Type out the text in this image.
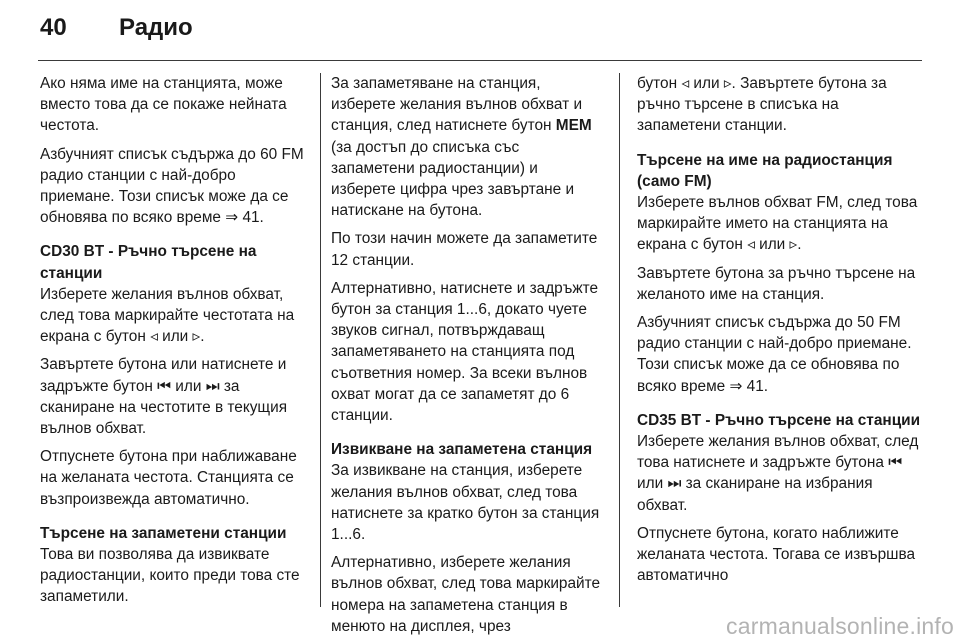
40 Радио

Ако няма име на станцията, може вместо това да се покаже нейната честота.

Азбучният списък съдържа до 60 FM радио станции с най-добро приемане. Този списък може да се обновява по всяко време ⇒ 41.

CD30 BT - Ръчно търсене на станции

Изберете желания вълнов обхват, след това маркирайте честотата на екрана с бутон ◃ или ▹.

Завъртете бутона или натиснете и задръжте бутон ⏮ или ⏭ за сканиране на честотите в текущия вълнов обхват.

Отпуснете бутона при наближаване на желаната честота. Станцията се възпроизвежда автоматично.

Търсене на запаметени станции

Това ви позволява да извиквате радиостанции, които преди това сте запаметили.

За запаметяване на станция, изберете желания вълнов обхват и станция, след натиснете бутон MEM (за достъп до списъка със запаметени радиостанции) и изберете цифра чрез завъртане и натискане на бутона.

По този начин можете да запаметите 12 станции.

Алтернативно, натиснете и задръжте бутон за станция 1...6, докато чуете звуков сигнал, потвърждаващ запаметяването на станцията под съответния номер. За всеки вълнов охват могат да се запаметят до 6 станции.

Извикване на запаметена станция

За извикване на станция, изберете желания вълнов обхват, след това натиснете за кратко бутон за станция 1...6.

Алтернативно, изберете желания вълнов обхват, след това маркирайте номера на запаметена станция в менюто на дисплея, чрез

бутон ◃ или ▹. Завъртете бутона за ръчно търсене в списъка на запаметени станции.

Търсене на име на радиостанция (само FM)

Изберете вълнов обхват FM, след това маркирайте името на станцията на екрана с бутон ◃ или ▹.

Завъртете бутона за ръчно търсене на желаното име на станция.

Азбучният списък съдържа до 50 FM радио станции с най-добро приемане. Този списък може да се обновява по всяко време ⇒ 41.

CD35 BT - Ръчно търсене на станции

Изберете желания вълнов обхват, след това натиснете и задръжте бутона ⏮ или ⏭ за сканиране на избрания обхват.

Отпуснете бутона, когато наближите желаната честота. Тогава се извършва автоматично

carmanualsonline.info
